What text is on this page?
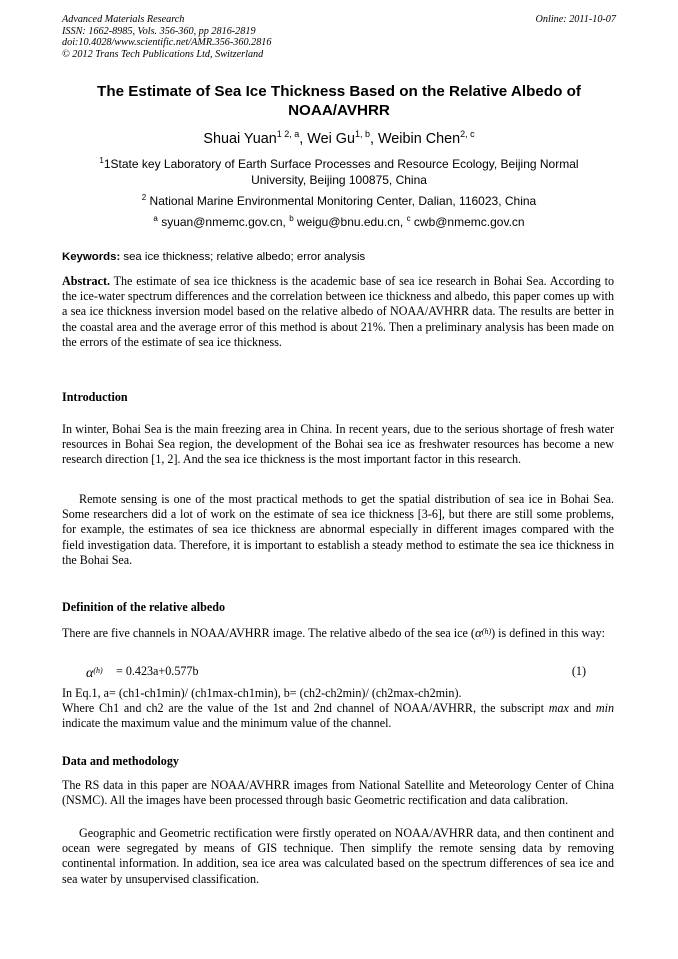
Advanced Materials Research
ISSN: 1662-8985, Vols. 356-360, pp 2816-2819
doi:10.4028/www.scientific.net/AMR.356-360.2816
© 2012 Trans Tech Publications Ltd, Switzerland
Online: 2011-10-07
The Estimate of Sea Ice Thickness Based on the Relative Albedo of
NOAA/AVHRR
Shuai Yuan$^{1 2, a}$, Wei Gu$^{1, b}$, Weibin Chen$^{2, c}$
$^1$1State key Laboratory of Earth Surface Processes and Resource Ecology, Beijing Normal
University, Beijing 100875, China
$^2$ National Marine Environmental Monitoring Center, Dalian, 116023, China
$^a$ syuan@nmemc.gov.cn, $^b$ weigu@bnu.edu.cn, $^c$ cwb@nmemc.gov.cn
Keywords: sea ice thickness; relative albedo; error analysis

Abstract. The estimate of sea ice thickness is the academic base of sea ice research in Bohai Sea. According to the ice-water spectrum differences and the correlation between ice thickness and albedo, this paper comes up with a sea ice thickness inversion model based on the relative albedo of NOAA/AVHRR data. The results are better in the coastal area and the average error of this method is about 21%. Then a preliminary analysis has been made on the errors of the estimate of sea ice thickness.

Introduction

In winter, Bohai Sea is the main freezing area in China. In recent years, due to the serious shortage of fresh water resources in Bohai Sea region, the development of the Bohai sea ice as freshwater resources has become a new research direction [1, 2]. And the sea ice thickness is the most important factor in this research.

Remote sensing is one of the most practical methods to get the spatial distribution of sea ice in Bohai Sea. Some researchers did a lot of work on the estimate of sea ice thickness [3-6], but there are still some problems, for example, the estimates of sea ice thickness are abnormal especially in different images compared with the field investigation data. Therefore, it is important to establish a steady method to estimate the sea ice thickness in the Bohai Sea.

Definition of the relative albedo

There are five channels in NOAA/AVHRR image. The relative albedo of the sea ice $(\alpha^{(h)})$ is defined in this way:

$\alpha^{(h)} = 0.423a+0.577b$	(1)
In Eq.1, a= (ch1-ch1min)/ (ch1max-ch1min), b= (ch2-ch2min)/ (ch2max-ch2min).
Where Ch1 and ch2 are the value of the 1st and 2nd channel of NOAA/AVHRR, the subscript max and min indicate the maximum value and the minimum value of the channel.

Data and methodology

The RS data in this paper are NOAA/AVHRR images from National Satellite and Meteorology Center of China (NSMC). All the images have been processed through basic Geometric rectification and data calibration.

Geographic and Geometric rectification were firstly operated on NOAA/AVHRR data, and then continent and ocean were segregated by means of GIS technique. Then simplify the remote sensing data by removing continental information. In addition, sea ice area was calculated based on the spectrum differences of sea ice and sea water by unsupervised classification.
